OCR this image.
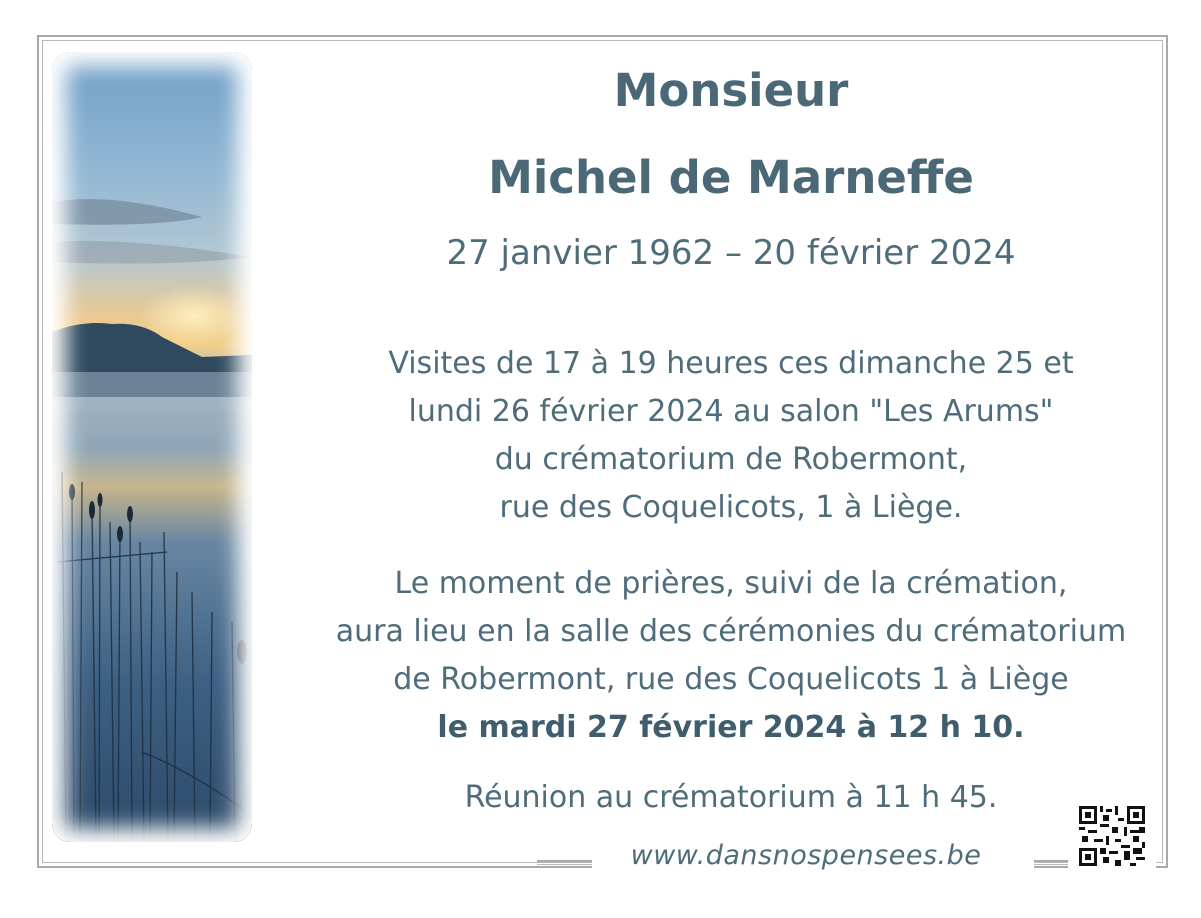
Monsieur
Michel de Marneffe
27 janvier 1962 – 20 février 2024
Visites de 17 à 19 heures ces dimanche 25 et
lundi 26 février 2024 au salon "Les Arums"
du crématorium de Robermont,
rue des Coquelicots, 1 à Liège.
Le moment de prières, suivi de la crémation,
aura lieu en la salle des cérémonies du crématorium
de Robermont, rue des Coquelicots 1 à Liège
le mardi 27 février 2024 à 12 h 10.
Réunion au crématorium à 11 h 45.
www.dansnospensees.be
